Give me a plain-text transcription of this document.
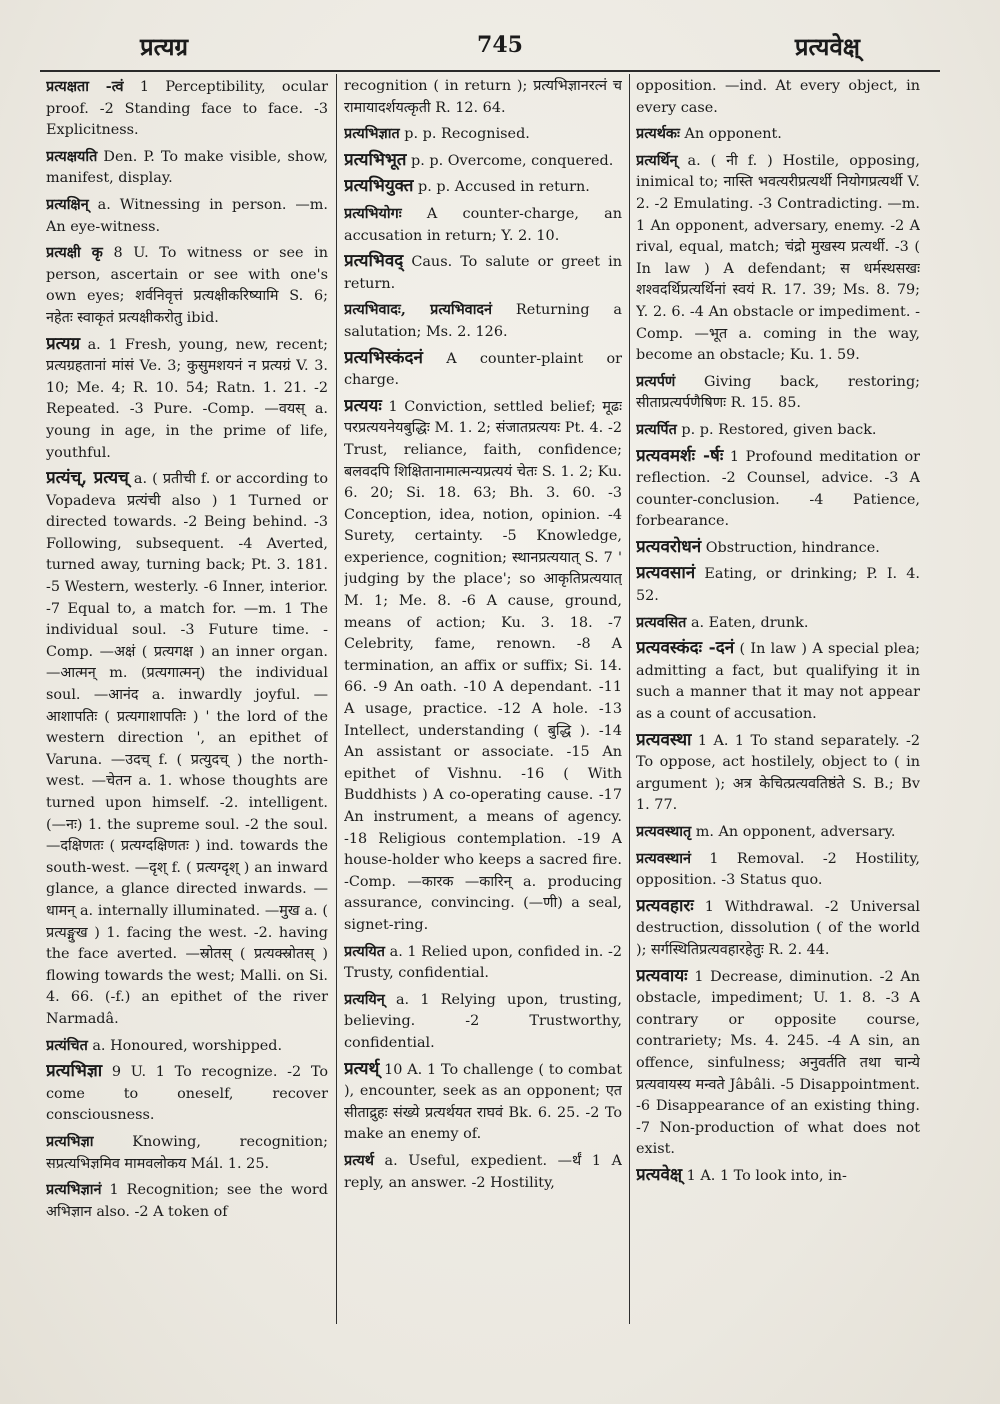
प्रत्यग्र	745	प्रत्यवेक्ष्

प्रत्यक्षता -त्वं 1 Perceptibility, ocular proof. -2 Standing face to face. -3 Explicitness.

प्रत्यक्षयति Den. P. To make visible, show, manifest, display.

प्रत्यक्षिन् a. Witnessing in person. —m. An eye-witness.

प्रत्यक्षी कृ 8 U. To witness or see in person, ascertain or see with one's own eyes; शर्वनिवृत्तं प्रत्यक्षीकरिष्यामि S. 6; नहेतः स्वाकृतं प्रत्यक्षीकरोतु ibid.

प्रत्यग्र a. 1 Fresh, young, new, recent; प्रत्यग्रहतानां मांसं Ve. 3; कुसुमशयनं न प्रत्यग्रं V. 3. 10; Me. 4; R. 10. 54; Ratn. 1. 21. -2 Repeated. -3 Pure. -Comp. —वयस् a. young in age, in the prime of life, youthful.

प्रत्यंच्, प्रत्यच् a. ( प्रतीची f. or according to Vopadeva प्रत्यंची also ) 1 Turned or directed towards. -2 Being behind. -3 Following, subsequent. -4 Averted, turned away, turning back; Pt. 3. 181. -5 Western, westerly. -6 Inner, interior. -7 Equal to, a match for. —m. 1 The individual soul. -3 Future time. -Comp. —अक्षं ( प्रत्यगक्ष ) an inner organ. —आत्मन् m. (प्रत्यगात्मन्) the individual soul. —आनंद a. inwardly joyful. —आशापतिः ( प्रत्यगाशापतिः ) ' the lord of the western direction ', an epithet of Varuna. —उदच् f. ( प्रत्युदच् ) the north-west. —चेतन a. 1. whose thoughts are turned upon himself. -2. intelligent. (—नः) 1. the supreme soul. -2 the soul. —दक्षिणतः ( प्रत्यग्दक्षिणतः ) ind. towards the south-west. —दृश् f. ( प्रत्यग्दृश् ) an inward glance, a glance directed inwards. —धामन् a. internally illuminated. —मुख a. ( प्रत्यङ्मुख ) 1. facing the west. -2. having the face averted. —स्रोतस् ( प्रत्यक्स्रोतस् ) flowing towards the west; Malli. on Si. 4. 66. (-f.) an epithet of the river Narmadâ.

प्रत्यंचित a. Honoured, worshipped.

प्रत्यभिज्ञा 9 U. 1 To recognize. -2 To come to oneself, recover consciousness.

प्रत्यभिज्ञा Knowing, recognition; सप्रत्यभिज्ञमिव मामवलोकय Mál. 1. 25.

प्रत्यभिज्ञानं 1 Recognition; see the word अभिज्ञान also. -2 A token of

recognition ( in return ); प्रत्यभिज्ञानरत्नं च रामायादर्शयत्कृती R. 12. 64.

प्रत्यभिज्ञात p. p. Recognised.

प्रत्यभिभूत p. p. Overcome, conquered.

प्रत्यभियुक्त p. p. Accused in return.

प्रत्यभियोगः A counter-charge, an accusation in return; Y. 2. 10.

प्रत्यभिवद् Caus. To salute or greet in return.

प्रत्यभिवादः, प्रत्यभिवादनं Returning a salutation; Ms. 2. 126.

प्रत्यभिस्कंदनं A counter-plaint or charge.

प्रत्ययः 1 Conviction, settled belief; मूढः परप्रत्ययनेयबुद्धिः M. 1. 2; संजातप्रत्ययः Pt. 4. -2 Trust, reliance, faith, confidence; बलवदपि शिक्षितानामात्मन्यप्रत्ययं चेतः S. 1. 2; Ku. 6. 20; Si. 18. 63; Bh. 3. 60. -3 Conception, idea, notion, opinion. -4 Surety, certainty. -5 Knowledge, experience, cognition; स्थानप्रत्ययात् S. 7 ' judging by the place'; so आकृतिप्रत्ययात् M. 1; Me. 8. -6 A cause, ground, means of action; Ku. 3. 18. -7 Celebrity, fame, renown. -8 A termination, an affix or suffix; Si. 14. 66. -9 An oath. -10 A dependant. -11 A usage, practice. -12 A hole. -13 Intellect, understanding ( बुद्धि ). -14 An assistant or associate. -15 An epithet of Vishnu. -16 ( With Buddhists ) A co-operating cause. -17 An instrument, a means of agency. -18 Religious contemplation. -19 A house-holder who keeps a sacred fire. -Comp. —कारक —कारिन् a. producing assurance, convincing. (—णी) a seal, signet-ring.

प्रत्ययित a. 1 Relied upon, confided in. -2 Trusty, confidential.

प्रत्ययिन् a. 1 Relying upon, trusting, believing. -2 Trustworthy, confidential.

प्रत्यर्थ् 10 A. 1 To challenge ( to combat ), encounter, seek as an opponent; एत सीताद्रुहः संख्ये प्रत्यर्थयत राघवं Bk. 6. 25. -2 To make an enemy of.

प्रत्यर्थ a. Useful, expedient. —र्थं 1 A reply, an answer. -2 Hostility,

opposition. —ind. At every object, in every case.

प्रत्यर्थकः An opponent.

प्रत्यर्थिन् a. ( नी f. ) Hostile, opposing, inimical to; नास्ति भवत्यरीप्रत्यर्थी नियोगप्रत्यर्थी V. 2. -2 Emulating. -3 Contradicting. —m. 1 An opponent, adversary, enemy. -2 A rival, equal, match; चंद्रो मुखस्य प्रत्यर्थी. -3 ( In law ) A defendant; स धर्मस्थसखः शश्वदर्थिप्रत्यर्थिनां स्वयं R. 17. 39; Ms. 8. 79; Y. 2. 6. -4 An obstacle or impediment. -Comp. —भूत a. coming in the way, become an obstacle; Ku. 1. 59.

प्रत्यर्पणं Giving back, restoring; सीताप्रत्यर्पणैषिणः R. 15. 85.

प्रत्यर्पित p. p. Restored, given back.

प्रत्यवमर्शः -र्षः 1 Profound meditation or reflection. -2 Counsel, advice. -3 A counter-conclusion. -4 Patience, forbearance.

प्रत्यवरोधनं Obstruction, hindrance.

प्रत्यवसानं Eating, or drinking; P. I. 4. 52.

प्रत्यवसित a. Eaten, drunk.

प्रत्यवस्कंदः -दनं ( In law ) A special plea; admitting a fact, but qualifying it in such a manner that it may not appear as a count of accusation.

प्रत्यवस्था 1 A. 1 To stand separately. -2 To oppose, act hostilely, object to ( in argument ); अत्र केचित्प्रत्यवतिष्ठंते S. B.; Bv 1. 77.

प्रत्यवस्थातृ m. An opponent, adversary.

प्रत्यवस्थानं 1 Removal. -2 Hostility, opposition. -3 Status quo.

प्रत्यवहारः 1 Withdrawal. -2 Universal destruction, dissolution ( of the world ); सर्गस्थितिप्रत्यवहारहेतुः R. 2. 44.

प्रत्यवायः 1 Decrease, diminution. -2 An obstacle, impediment; U. 1. 8. -3 A contrary or opposite course, contrariety; Ms. 4. 245. -4 A sin, an offence, sinfulness; अनुवर्तति तथा चान्ये प्रत्यवायस्य मन्वते Jâbâli. -5 Disappointment. -6 Disappearance of an existing thing. -7 Non-production of what does not exist.

प्रत्यवेक्ष् 1 A. 1 To look into, in-
